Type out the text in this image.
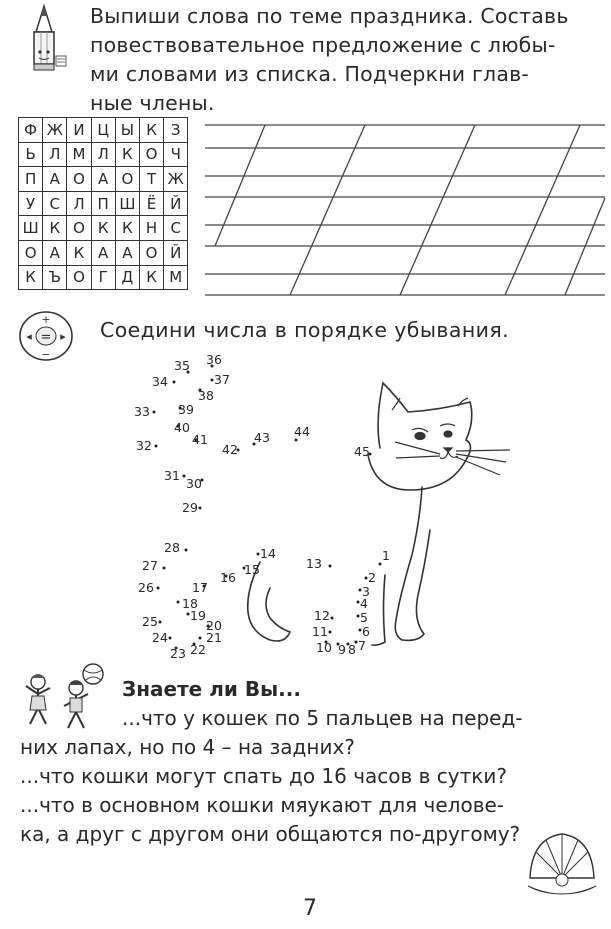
Выпиши слова по теме праздника. Составь
повествовательное предложение с любы-
ми словами из списка. Подчеркни глав-
ные члены.
Ф	Ж	И	Ц	Ы	К	З
Ь	Л	М	Л	К	О	Ч
П	А	О	А	О	Т	Ж
У	С	Л	П	Ш	Ё	Й
Ш	К	О	К	К	Н	С
О	А	К	А	А	О	Й
К	Ъ	О	Г	Д	К	М
=
+
−
◂	▸ Соедини числа в порядке убывания.
1
2
3
4
5
6
7
8
9
10
11
12
13
14
15
16
17
18
19
20
21
22
23
24
25
26
27
28
29
30
31
32
33
34
35 36
37
38
39
40
41
42
43 44
45
Знаете ли Вы...
...что у кошек по 5 пальцев на перед-
них лапах, но по 4 – на задних?
...что кошки могут спать до 16 часов в сутки?
...что в основном кошки мяукают для челове-
ка, а друг с другом они общаются по-другому?
7
